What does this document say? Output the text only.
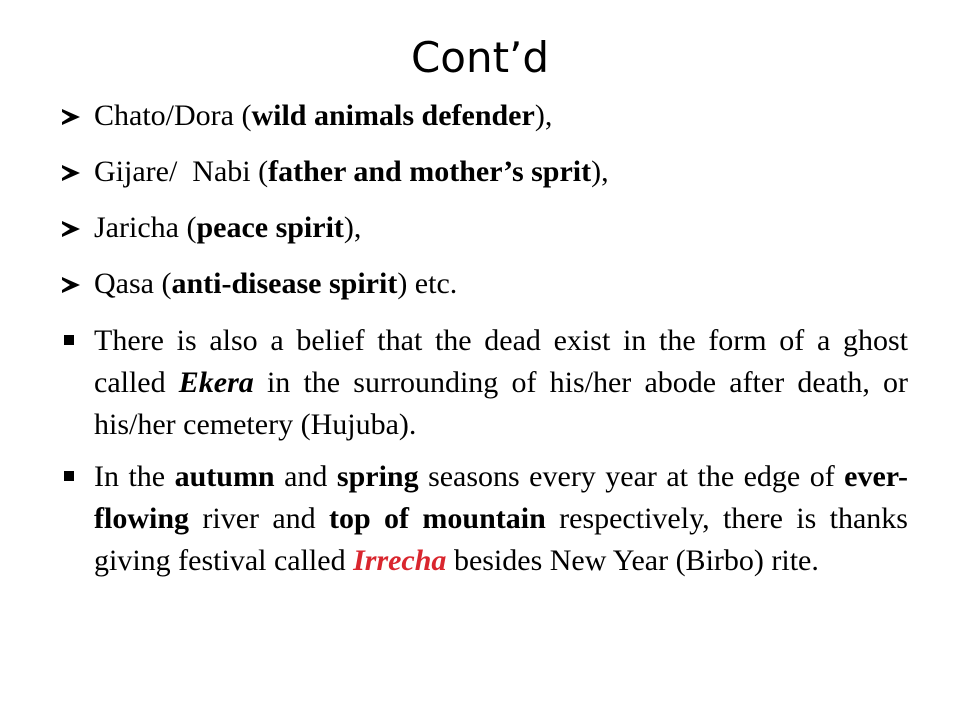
Cont’d
Chato/Dora (wild animals defender),
Gijare/  Nabi (father and mother’s sprit),
Jaricha (peace spirit),
Qasa (anti-disease spirit) etc.
There is also a belief that the dead exist in the form of a ghost called Ekera in the surrounding of his/her abode after death, or his/her cemetery (Hujuba).
In the autumn and spring seasons every year at the edge of ever-flowing river and top of mountain respectively, there is thanks giving festival called Irrecha besides New Year (Birbo) rite.
